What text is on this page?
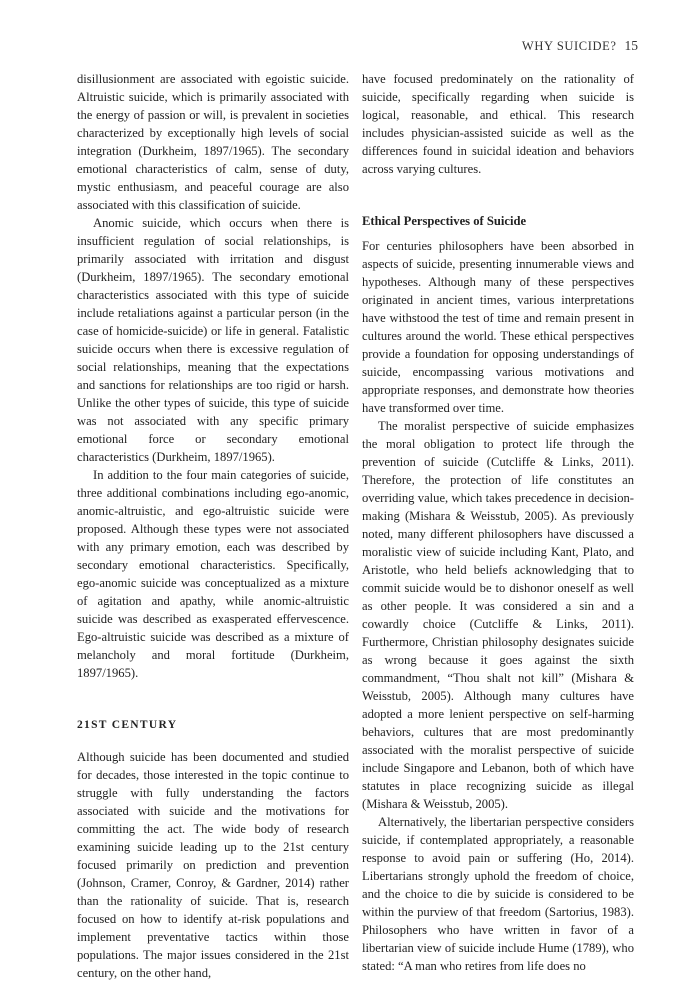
WHY SUICIDE? 15

disillusionment are associated with egoistic suicide. Altruistic suicide, which is primarily associated with the energy of passion or will, is prevalent in societies characterized by exceptionally high levels of social integration (Durkheim, 1897/1965). The secondary emotional characteristics of calm, sense of duty, mystic enthusiasm, and peaceful courage are also associated with this classification of suicide.

Anomic suicide, which occurs when there is insufficient regulation of social relationships, is primarily associated with irritation and disgust (Durkheim, 1897/1965). The secondary emotional characteristics associated with this type of suicide include retaliations against a particular person (in the case of homicide-suicide) or life in general. Fatalistic suicide occurs when there is excessive regulation of social relationships, meaning that the expectations and sanctions for relationships are too rigid or harsh. Unlike the other types of suicide, this type of suicide was not associated with any specific primary emotional force or secondary emotional characteristics (Durkheim, 1897/1965).

In addition to the four main categories of suicide, three additional combinations including ego-anomic, anomic-altruistic, and ego-altruistic suicide were proposed. Although these types were not associated with any primary emotion, each was described by secondary emotional characteristics. Specifically, ego-anomic suicide was conceptualized as a mixture of agitation and apathy, while anomic-altruistic suicide was described as exasperated effervescence. Ego-altruistic suicide was described as a mixture of melancholy and moral fortitude (Durkheim, 1897/1965).

21ST CENTURY

Although suicide has been documented and studied for decades, those interested in the topic continue to struggle with fully understanding the factors associated with suicide and the motivations for committing the act. The wide body of research examining suicide leading up to the 21st century focused primarily on prediction and prevention (Johnson, Cramer, Conroy, & Gardner, 2014) rather than the rationality of suicide. That is, research focused on how to identify at-risk populations and implement preventative tactics within those populations. The major issues considered in the 21st century, on the other hand,

have focused predominately on the rationality of suicide, specifically regarding when suicide is logical, reasonable, and ethical. This research includes physician-assisted suicide as well as the differences found in suicidal ideation and behaviors across varying cultures.

Ethical Perspectives of Suicide

For centuries philosophers have been absorbed in aspects of suicide, presenting innumerable views and hypotheses. Although many of these perspectives originated in ancient times, various interpretations have withstood the test of time and remain present in cultures around the world. These ethical perspectives provide a foundation for opposing understandings of suicide, encompassing various motivations and appropriate responses, and demonstrate how theories have transformed over time.

The moralist perspective of suicide emphasizes the moral obligation to protect life through the prevention of suicide (Cutcliffe & Links, 2011). Therefore, the protection of life constitutes an overriding value, which takes precedence in decision-making (Mishara & Weisstub, 2005). As previously noted, many different philosophers have discussed a moralistic view of suicide including Kant, Plato, and Aristotle, who held beliefs acknowledging that to commit suicide would be to dishonor oneself as well as other people. It was considered a sin and a cowardly choice (Cutcliffe & Links, 2011). Furthermore, Christian philosophy designates suicide as wrong because it goes against the sixth commandment, “Thou shalt not kill” (Mishara & Weisstub, 2005). Although many cultures have adopted a more lenient perspective on self-harming behaviors, cultures that are most predominantly associated with the moralist perspective of suicide include Singapore and Lebanon, both of which have statutes in place recognizing suicide as illegal (Mishara & Weisstub, 2005).

Alternatively, the libertarian perspective considers suicide, if contemplated appropriately, a reasonable response to avoid pain or suffering (Ho, 2014). Libertarians strongly uphold the freedom of choice, and the choice to die by suicide is considered to be within the purview of that freedom (Sartorius, 1983). Philosophers who have written in favor of a libertarian view of suicide include Hume (1789), who stated: “A man who retires from life does no
